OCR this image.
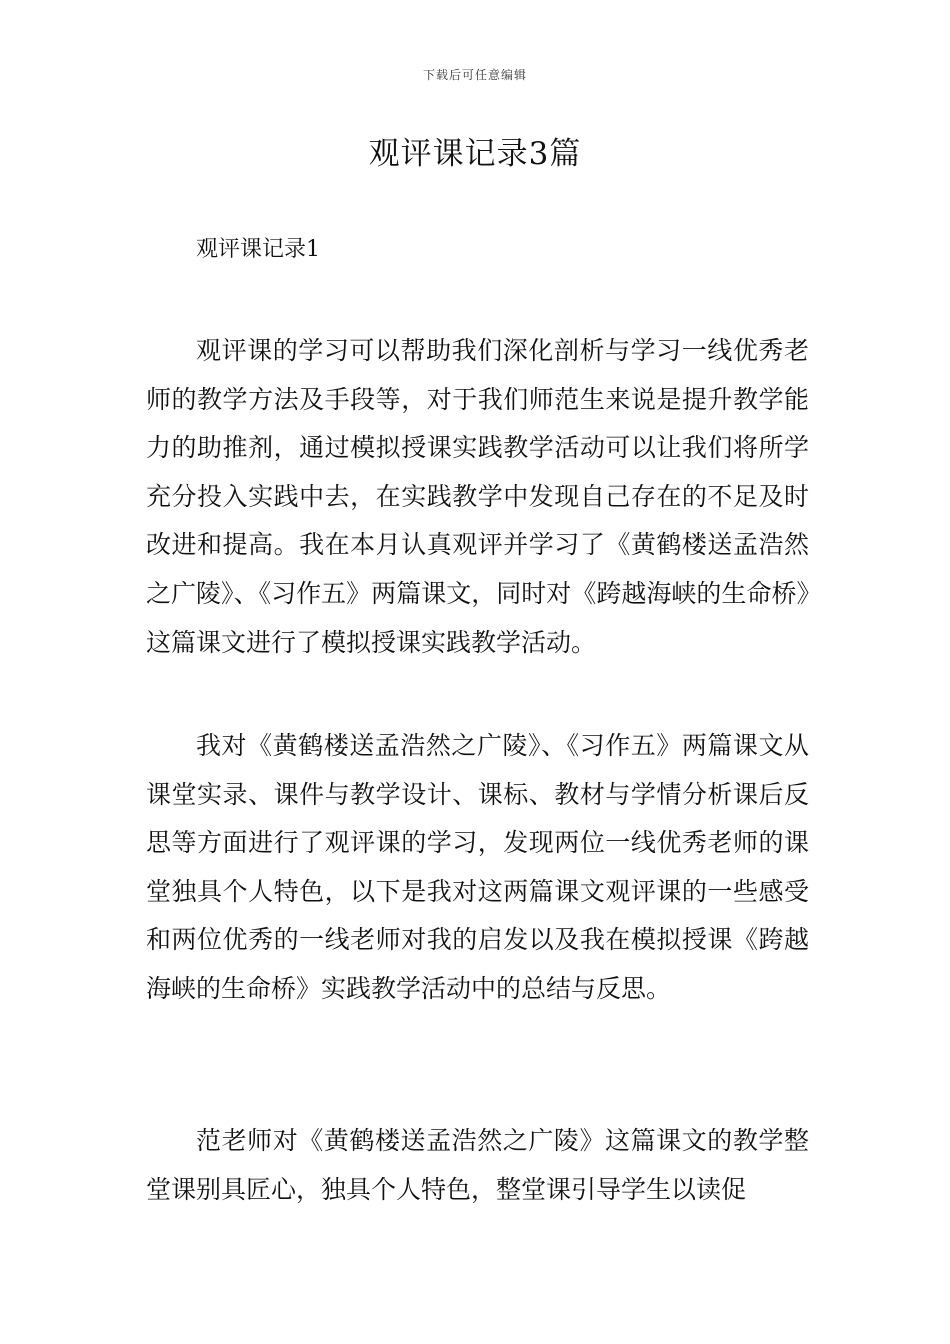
下载后可任意编辑
观评课记录3篇
观评课记录1

观评课的学习可以帮助我们深化剖析与学习一线优秀老师的教学方法及手段等，对于我们师范生来说是提升教学能力的助推剂，通过模拟授课实践教学活动可以让我们将所学充分投入实践中去，在实践教学中发现自己存在的不足及时改进和提高。我在本月认真观评并学习了《黄鹤楼送孟浩然之广陵》、《习作五》两篇课文，同时对《跨越海峡的生命桥》这篇课文进行了模拟授课实践教学活动。

我对《黄鹤楼送孟浩然之广陵》、《习作五》两篇课文从课堂实录、课件与教学设计、课标、教材与学情分析课后反思等方面进行了观评课的学习，发现两位一线优秀老师的课堂独具个人特色，以下是我对这两篇课文观评课的一些感受和两位优秀的一线老师对我的启发以及我在模拟授课《跨越海峡的生命桥》实践教学活动中的总结与反思。

范老师对《黄鹤楼送孟浩然之广陵》这篇课文的教学整堂课别具匠心，独具个人特色，整堂课引导学生以读促
